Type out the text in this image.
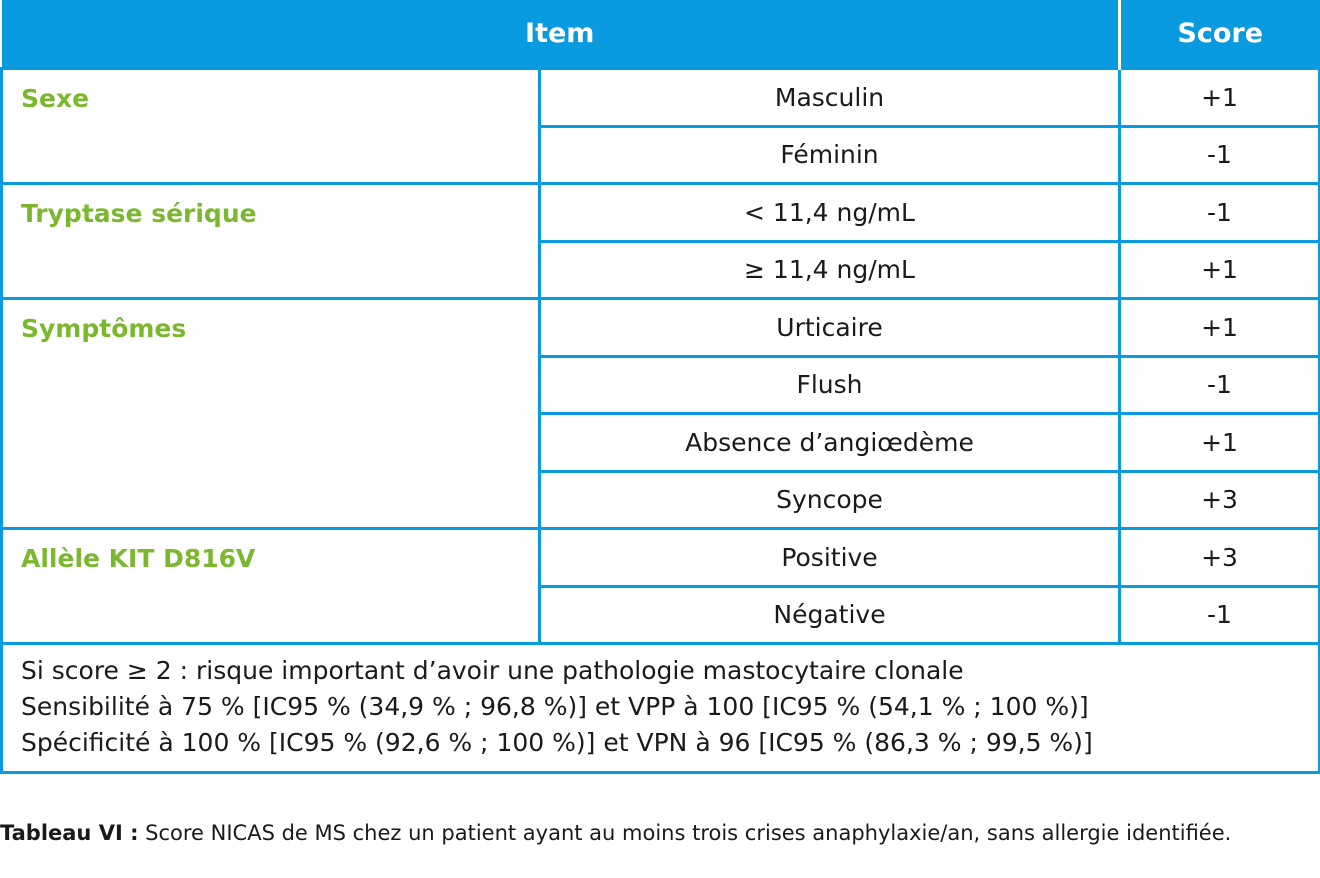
Item		Score
Sexe	Masculin	+1
	Féminin	-1
Tryptase sérique	< 11,4 ng/mL	-1
	≥ 11,4 ng/mL	+1
Symptômes	Urticaire	+1
	Flush	-1
	Absence d’angiœdème	+1
	Syncope	+3
Allèle KIT D816V	Positive	+3
	Négative	-1

Si score ≥ 2 : risque important d’avoir une pathologie mastocytaire clonale
Sensibilité à 75 % [IC95 % (34,9 % ; 96,8 %)] et VPP à 100 [IC95 % (54,1 % ; 100 %)]
Spécificité à 100 % [IC95 % (92,6 % ; 100 %)] et VPN à 96 [IC95 % (86,3 % ; 99,5 %)]		
Tableau VI : Score NICAS de MS chez un patient ayant au moins trois crises anaphylaxie/an, sans allergie identifiée.
